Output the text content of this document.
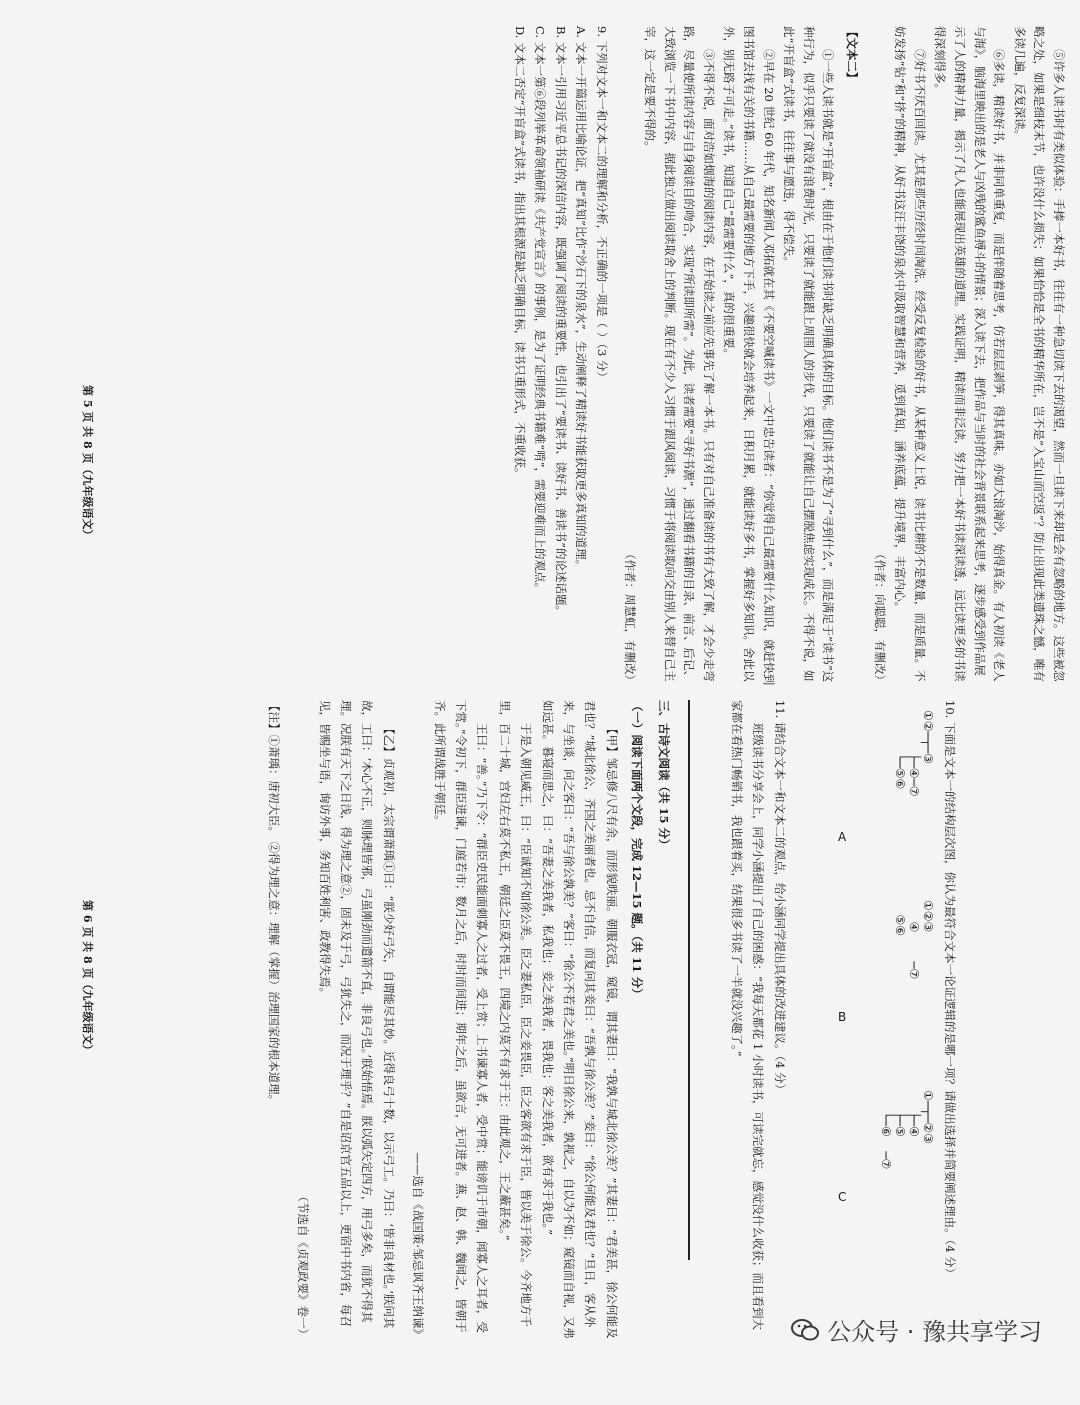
⑤许多人读书时有类似体验：手捧一本好书，往往有一种急切读下去的渴望，然而一旦读下来却是会有忽略的地方。这些被忽略之处，如果是细枝末节，也许没什么损失；如果恰恰是全书的精华所在，岂不是“入宝山而空返”？防止出现此类遗珠之憾，唯有多读几遍，反复深读。

⑥多读，精读好书，并非同单重复，而是伴随着思考，仿若层层剥笋，得其真味。亦如大浪淘沙，始得真金。有人初读《老人与海》，脑海里映出的是老人与凶残的鲨鱼搏斗的情景；深入读下去，把作品与当时的社会背景联系起来思考，逐步感受到作品展示了人的精神力量，揭示了凡人也能展现出英雄的道理。实践证明，精读而非泛读，努力把一本好书读深读透，远比读更多的书读得深刻得多。

⑦好书不厌百回读。尤其是那些历经时间淘洗、经受反复检验的好书，从某种意义上说，读书比耕的不是数量，而是质量。不妨发扬“钻”和“挤”的精神，从好书这汪丰饶的泉水中汲取智慧和营养，觅到真知，涵养底蕴，提升境界，丰富内心。

（作者：向聪聪，有删改）

【文本二】

①一些人读书就是“开盲盒”，根由在于他们读书时缺乏明确具体的目标。他们读书不是为了“寻到什么”，而是满足于“读书”这种行为，似乎只要读了就没有浪费时光，只要读了就能跟上周围人的步伐，只要读了就能让自己摆脱焦虑实现成长。不得不说，如此“开盲盒”式读书，往往事与愿违，得不偿失。

②早在 20 世纪 60 年代，知名新闻人邓拓就在其《不要空喊读书》一文中忠告读者：“你觉得自己最需要什么知识，就赶快到图书馆去找有关的书籍……从自己最需要的地方下手，兴趣很快就会培养起来，日积月累，就能读好多书，掌握好多知识。舍此以外，别无路子可走。”读书，知道自己“最需要什么”，真的很重要。

③不得不说，面对浩如烟海的阅读内容，在开始读之前应先事先了解一本书。只有对自己准备读的书有大致了解，才会少走弯路，尽量使所读内容与自身阅读目的吻合，实现“所读即所需”。为此，读者需要“寻好书源”，通过翻看书籍的目录、前言、后记、大致浏览一下书中内容，据此独立做出阅读取舍上的判断。现在有不少人习惯于跟风阅读，习惯于将阅读取向交由别人来替自己主宰，这一定是要不得的。

（作者：周慧虹，有删改）

9. 下列对文本一和文本二的理解和分析，不正确的一项是（ ）（3 分）

A. 文本一开篇运用比喻论证，把“真知”比作“沙石下的泉水”，生动阐释了精读好书能获取更多真知的道理。

B. 文本一引用习近平总书记的深信内容，既强调了阅读的重要性，也引出了“要读书、读好书、善读书”的论述话题。

C. 文本一第⑥段列举革命领袖研读《共产党宣言》的事例，是为了证明经典书籍难“啃”，需要迎难而上的观点。

D. 文本二否定“开盲盒”式读书，指出其根源是缺乏明确目标，读书只重形式，不重收获。

第 5 页 共 8 页（九年级语文）

10. 下面是文本一的结构层次图，你认为最符合文本一论证逻辑的是哪一项？请做出选择并简要阐述理由。（4 分）

A
B
C
①②─┬─③
├─④─⑦
└─⑤⑥
①②③
④    ─⑦
⑤⑥
①─┬─②③
├─④
├─⑤
└─⑥  ─⑦

11. 请结合文本一和文本二的观点，给小涵同学提出具体的改进建议。（4 分）

班级读书分享会上，同学小涵提出了自己的困惑：“我每天都花 1 小时读书，可读完就忘，感觉没什么收获；而且看到大家都在看热门畅销书，我也跟着买，结果很多书读了一半就没兴趣了。”

三、古诗文阅读（共 15 分）

（一）阅读下面两个文段，完成 12—15 题。（共 11 分）

【甲】邹忌修八尺有余，而形貌昳丽。朝服衣冠，窥镜，谓其妻曰：“我孰与城北徐公美？”其妻曰：“君美甚，徐公何能及君也？”城北徐公，齐国之美丽者也。忌不自信，而复问其妾曰：“吾孰与徐公美？”妾曰：“徐公何能及君也？”旦日，客从外来，与坐谈，问之客曰：“吾与徐公孰美？”客曰：“徐公不若君之美也。”明日徐公来，孰视之，自以为不如；窥镜而自视，又弗如远甚。暮寝而思之，曰：“吾妻之美我者，私我也；妾之美我者，畏我也；客之美我者，欲有求于我也。”

于是入朝见威王，曰：“臣诚知不如徐公美。臣之妻私臣，臣之妾畏臣，臣之客欲有求于臣，皆以美于徐公。今齐地方千里，百二十城，宫妇左右莫不私王，朝廷之臣莫不畏王，四境之内莫不有求于王：由此观之，王之蔽甚矣。”

王曰：“善。”乃下令：“群臣吏民能面刺寡人之过者，受上赏；上书谏寡人者，受中赏；能谤讥于市朝，闻寡人之耳者，受下赏。”令初下，群臣进谏，门庭若市；数月之后，时时而间进；期年之后，虽欲言，无可进者。燕、赵、韩、魏闻之，皆朝于齐。此所谓战胜于朝廷。

——选自《战国策·邹忌讽齐王纳谏》

【乙】贞观初，太宗谓萧瑀①曰：“朕少好弓矢，自谓能尽其妙。近得良弓十数，以示弓工。乃曰：‘皆非良材也。’朕问其故，工曰：‘木心不正，则脉理皆邪，弓虽刚劲而遣箭不直，非良弓也。’朕始悟焉。朕以弧矢定四方，用弓多矣，而犹不得其理。况朕有天下之日浅，得为理之意②，固未及于弓，弓犹失之，而况于理乎？”自是诏京官五品以上，更宿中书内省，每召见，皆赐坐与语，询访外事，务知百姓利害、政教得失焉。

（节选自《贞观政要》卷一）

【注】①萧瑀：唐初大臣。 ②得为理之意：理解（掌握）治理国家的根本道理。

第 6 页 共 8 页（九年级语文）
公众号 · 豫共享学习
